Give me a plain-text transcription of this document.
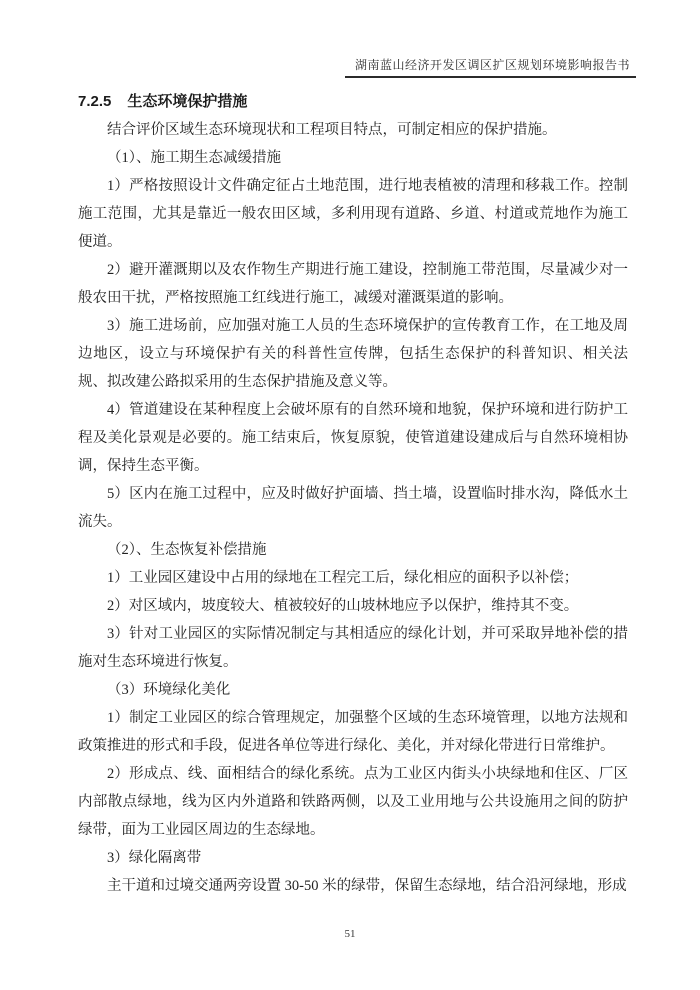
湖南蓝山经济开发区调区扩区规划环境影响报告书
7.2.5 生态环境保护措施

结合评价区域生态环境现状和工程项目特点，可制定相应的保护措施。

（1）、施工期生态减缓措施

1）严格按照设计文件确定征占土地范围，进行地表植被的清理和移栽工作。控制施工范围，尤其是靠近一般农田区域，多利用现有道路、乡道、村道或荒地作为施工便道。

2）避开灌溉期以及农作物生产期进行施工建设，控制施工带范围，尽量减少对一般农田干扰，严格按照施工红线进行施工，减缓对灌溉渠道的影响。

3）施工进场前，应加强对施工人员的生态环境保护的宣传教育工作，在工地及周边地区，设立与环境保护有关的科普性宣传牌，包括生态保护的科普知识、相关法规、拟改建公路拟采用的生态保护措施及意义等。

4）管道建设在某种程度上会破坏原有的自然环境和地貌，保护环境和进行防护工程及美化景观是必要的。施工结束后，恢复原貌，使管道建设建成后与自然环境相协调，保持生态平衡。

5）区内在施工过程中，应及时做好护面墙、挡土墙，设置临时排水沟，降低水土流失。

（2）、生态恢复补偿措施

1）工业园区建设中占用的绿地在工程完工后，绿化相应的面积予以补偿；

2）对区域内，坡度较大、植被较好的山坡林地应予以保护，维持其不变。

3）针对工业园区的实际情况制定与其相适应的绿化计划，并可采取异地补偿的措施对生态环境进行恢复。

（3）环境绿化美化

1）制定工业园区的综合管理规定，加强整个区域的生态环境管理，以地方法规和政策推进的形式和手段，促进各单位等进行绿化、美化，并对绿化带进行日常维护。

2）形成点、线、面相结合的绿化系统。点为工业区内街头小块绿地和住区、厂区内部散点绿地，线为区内外道路和铁路两侧，以及工业用地与公共设施用之间的防护绿带，面为工业园区周边的生态绿地。

3）绿化隔离带

主干道和过境交通两旁设置 30-50 米的绿带，保留生态绿地，结合沿河绿地，形成

51
